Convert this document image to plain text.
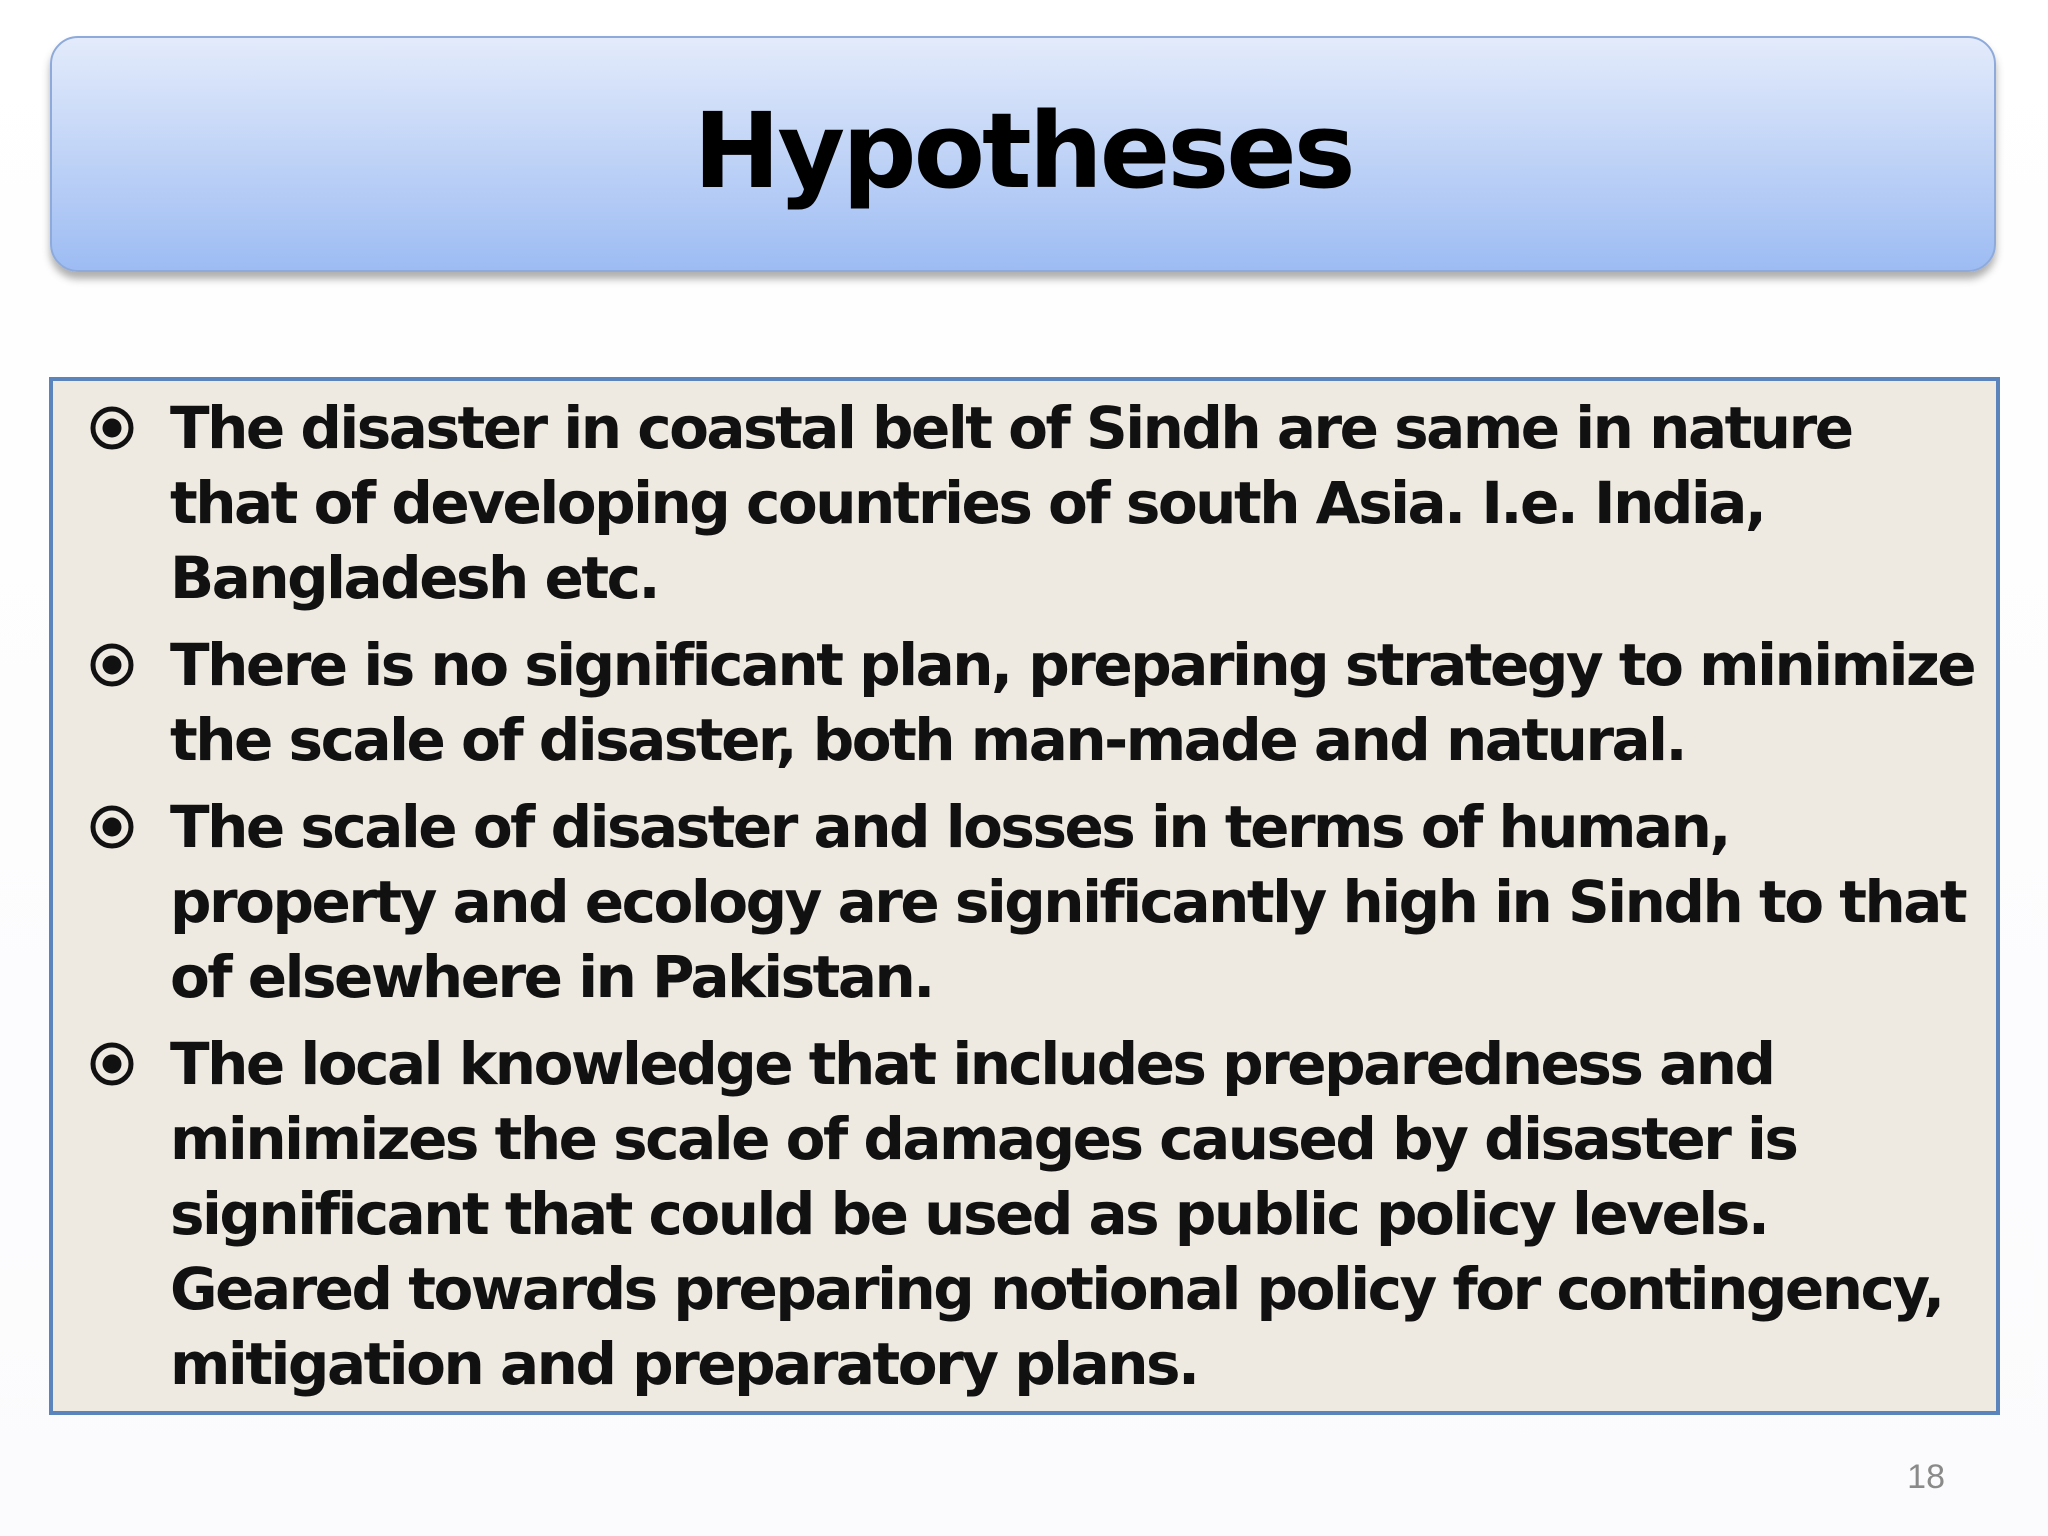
Hypotheses
The disaster in coastal belt of Sindh are same in nature that of developing countries of south Asia. I.e. India, Bangladesh etc.
There is no significant plan, preparing strategy to minimize the scale of disaster, both man-made and natural.
The scale of disaster and losses in terms of human, property and ecology are significantly high in Sindh to that of elsewhere in Pakistan.
The local knowledge that includes preparedness and minimizes the scale of damages caused by disaster is significant that could be used as public policy levels. Geared towards preparing notional policy for contingency, mitigation and preparatory plans.
18
